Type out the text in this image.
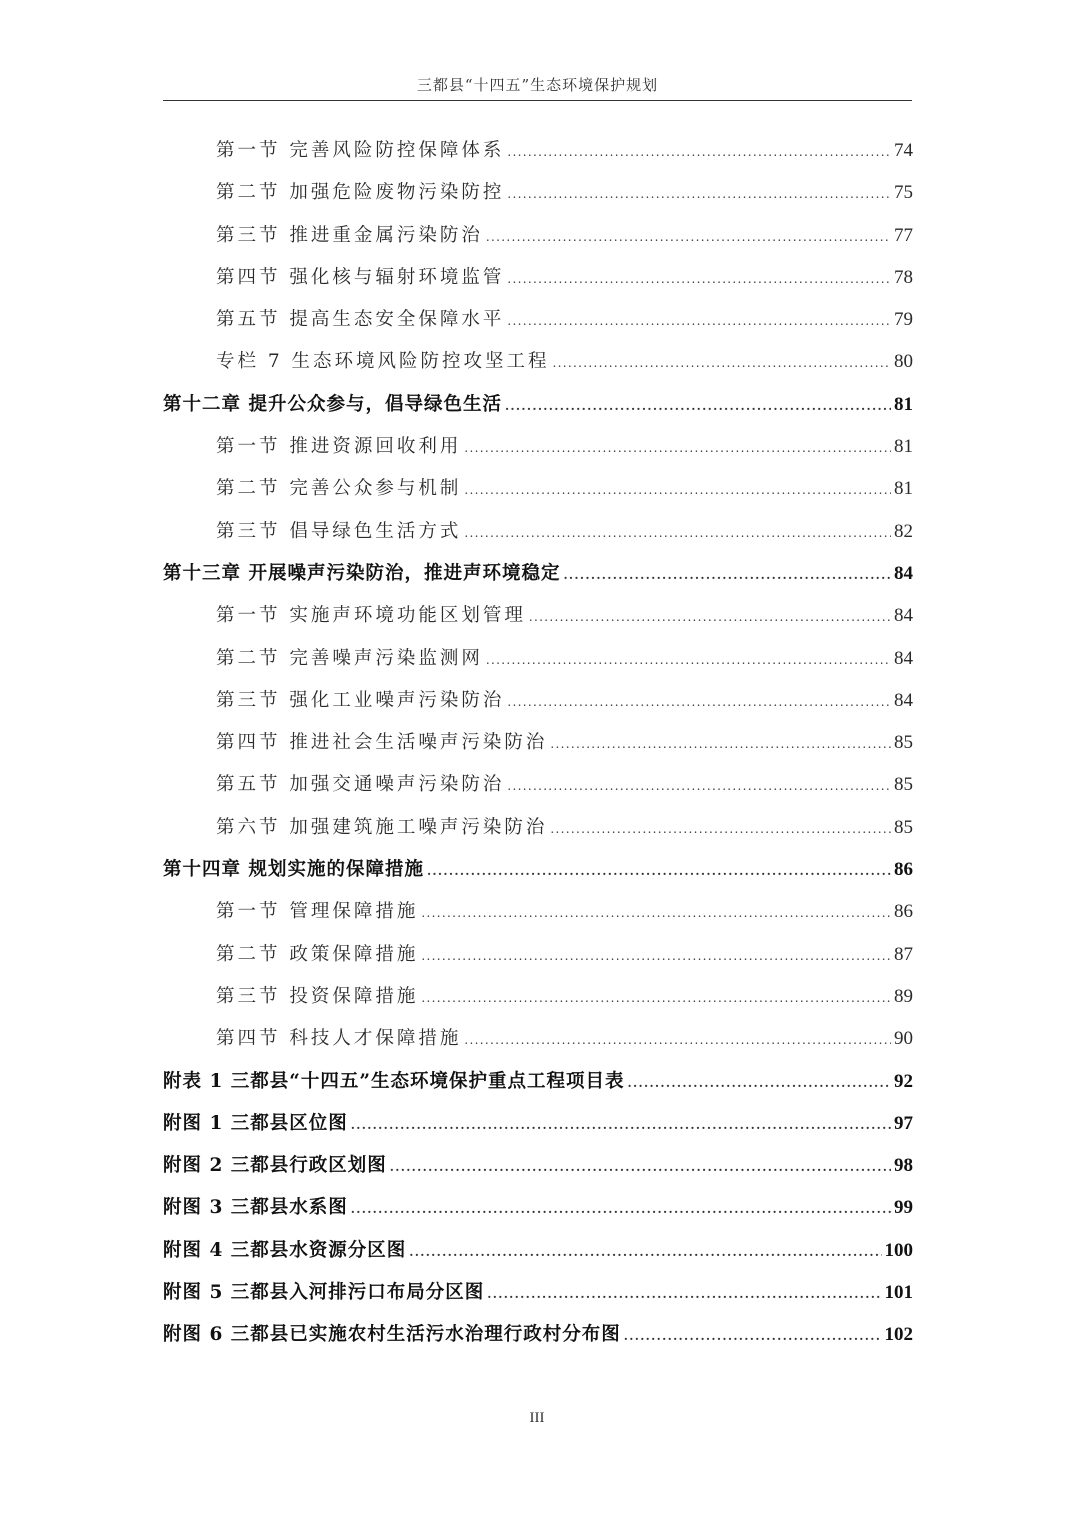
三都县“十四五”生态环境保护规划
第一节 完善风险防控保障体系 .....	74
第二节 加强危险废物污染防控 .....	75
第三节 推进重金属污染防治 .....	77
第四节 强化核与辐射环境监管 .....	78
第五节 提高生态安全保障水平 .....	79
专栏 7 生态环境风险防控攻坚工程 .....	80
第十二章 提升公众参与，倡导绿色生活 .....	81
第一节 推进资源回收利用 .....	81
第二节 完善公众参与机制 .....	81
第三节 倡导绿色生活方式 .....	82
第十三章 开展噪声污染防治，推进声环境稳定 .....	84
第一节 实施声环境功能区划管理 .....	84
第二节 完善噪声污染监测网 .....	84
第三节 强化工业噪声污染防治 .....	84
第四节 推进社会生活噪声污染防治 .....	85
第五节 加强交通噪声污染防治 .....	85
第六节 加强建筑施工噪声污染防治 .....	85
第十四章 规划实施的保障措施 .....	86
第一节 管理保障措施 .....	86
第二节 政策保障措施 .....	87
第三节 投资保障措施 .....	89
第四节 科技人才保障措施 .....	90
附表 1 三都县“十四五”生态环境保护重点工程项目表 .....	92
附图 1 三都县区位图 .....	97
附图 2 三都县行政区划图 .....	98
附图 3 三都县水系图 .....	99
附图 4 三都县水资源分区图 .....	100
附图 5 三都县入河排污口布局分区图 .....	101
附图 6 三都县已实施农村生活污水治理行政村分布图 .....	102
III
